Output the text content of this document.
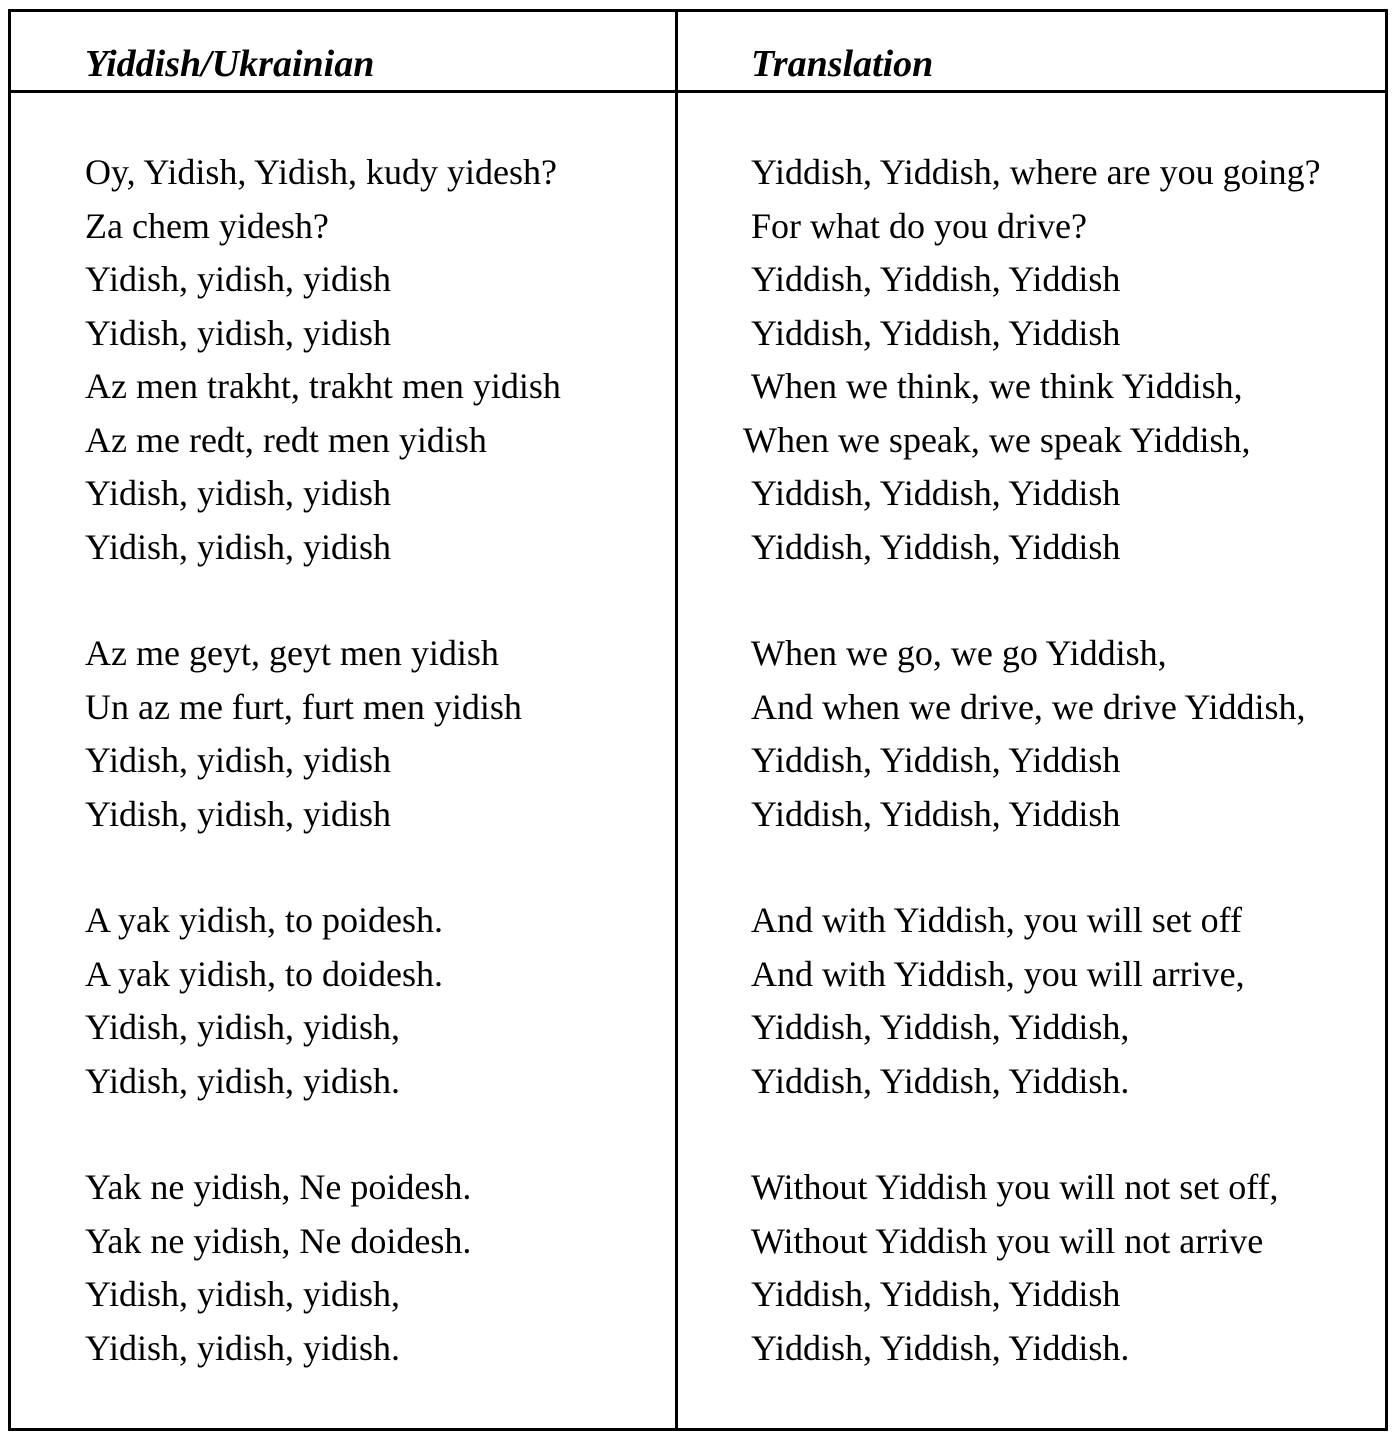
Yiddish/Ukrainian	Translation
Oy, Yidish, Yidish, kudy yidesh?
Za chem yidesh?
Yidish, yidish, yidish
Yidish, yidish, yidish
Az men trakht, trakht men yidish
Az me redt, redt men yidish
Yidish, yidish, yidish
Yidish, yidish, yidish
Az me geyt, geyt men yidish
Un az me furt, furt men yidish
Yidish, yidish, yidish
Yidish, yidish, yidish
A yak yidish, to poidesh.
A yak yidish, to doidesh.
Yidish, yidish, yidish,
Yidish, yidish, yidish.
Yak ne yidish, Ne poidesh.
Yak ne yidish, Ne doidesh.
Yidish, yidish, yidish,
Yidish, yidish, yidish.
Yiddish, Yiddish, where are you going?
For what do you drive?
Yiddish, Yiddish, Yiddish
Yiddish, Yiddish, Yiddish
When we think, we think Yiddish,
When we speak, we speak Yiddish,
Yiddish, Yiddish, Yiddish
Yiddish, Yiddish, Yiddish
When we go, we go Yiddish,
And when we drive, we drive Yiddish,
Yiddish, Yiddish, Yiddish
Yiddish, Yiddish, Yiddish
And with Yiddish, you will set off
And with Yiddish, you will arrive,
Yiddish, Yiddish, Yiddish,
Yiddish, Yiddish, Yiddish.
Without Yiddish you will not set off,
Without Yiddish you will not arrive
Yiddish, Yiddish, Yiddish
Yiddish, Yiddish, Yiddish.
